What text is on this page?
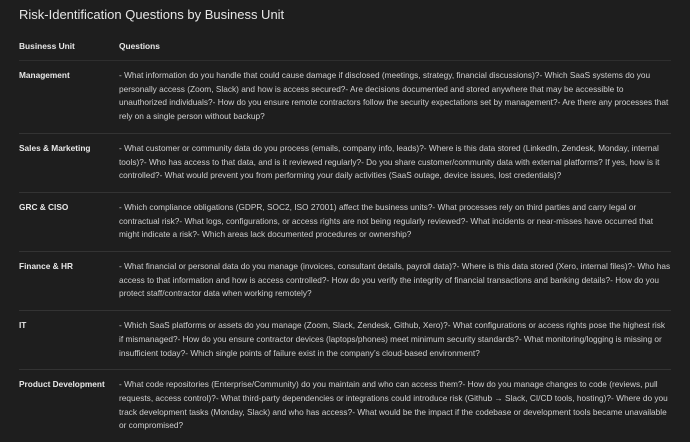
Risk-Identification Questions by Business Unit
Business Unit	Questions
Management	- What information do you handle that could cause damage if disclosed (meetings, strategy, financial discussions)?- Which SaaS systems do you personally access (Zoom, Slack) and how is access secured?- Are decisions documented and stored anywhere that may be accessible to unauthorized individuals?- How do you ensure remote contractors follow the security expectations set by management?- Are there any processes that rely on a single person without backup?
Sales & Marketing	- What customer or community data do you process (emails, company info, leads)?- Where is this data stored (LinkedIn, Zendesk, Monday, internal tools)?- Who has access to that data, and is it reviewed regularly?- Do you share customer/community data with external platforms? If yes, how is it controlled?- What would prevent you from performing your daily activities (SaaS outage, device issues, lost credentials)?
GRC & CISO	- Which compliance obligations (GDPR, SOC2, ISO 27001) affect the business units?- What processes rely on third parties and carry legal or contractual risk?- What logs, configurations, or access rights are not being regularly reviewed?- What incidents or near-misses have occurred that might indicate a risk?- Which areas lack documented procedures or ownership?
Finance & HR	- What financial or personal data do you manage (invoices, consultant details, payroll data)?- Where is this data stored (Xero, internal files)?- Who has access to that information and how is access controlled?- How do you verify the integrity of financial transactions and banking details?- How do you protect staff/contractor data when working remotely?
IT	- Which SaaS platforms or assets do you manage (Zoom, Slack, Zendesk, Github, Xero)?- What configurations or access rights pose the highest risk if mismanaged?- How do you ensure contractor devices (laptops/phones) meet minimum security standards?- What monitoring/logging is missing or insufficient today?- Which single points of failure exist in the company’s cloud-based environment?
Product Development	- What code repositories (Enterprise/Community) do you maintain and who can access them?- How do you manage changes to code (reviews, pull requests, access control)?- What third-party dependencies or integrations could introduce risk (Github → Slack, CI/CD tools, hosting)?- Where do you track development tasks (Monday, Slack) and who has access?- What would be the impact if the codebase or development tools became unavailable or compromised?
